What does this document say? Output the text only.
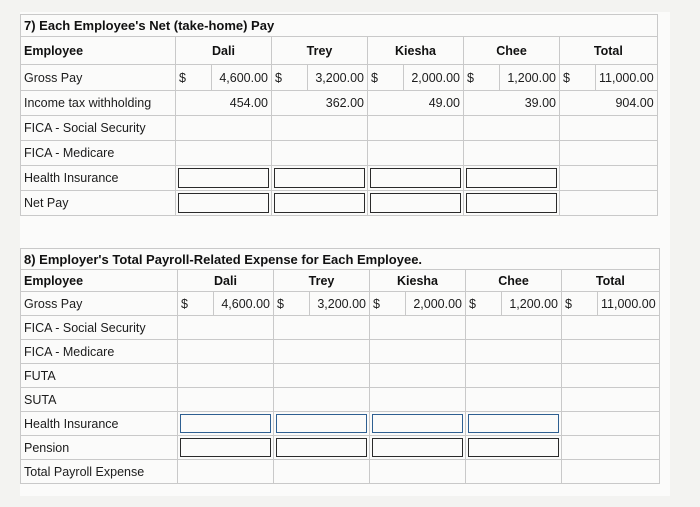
7) Each Employee's Net (take-home) Pay										
Employee	Dali		Trey		Kiesha		Chee		Total	
Gross Pay	$	4,600.00	$	3,200.00	$	2,000.00	$	1,200.00	$	11,000.00
Income tax withholding	454.00		362.00		49.00		39.00		904.00	
FICA - Social Security										
FICA - Medicare										
Health Insurance										
Net Pay										
8) Employer's Total Payroll-Related Expense for Each Employee.										
Employee	Dali		Trey		Kiesha		Chee		Total	
Gross Pay	$	4,600.00	$	3,200.00	$	2,000.00	$	1,200.00	$	11,000.00
FICA - Social Security										
FICA - Medicare										
FUTA										
SUTA										
Health Insurance										
Pension										
Total Payroll Expense										
